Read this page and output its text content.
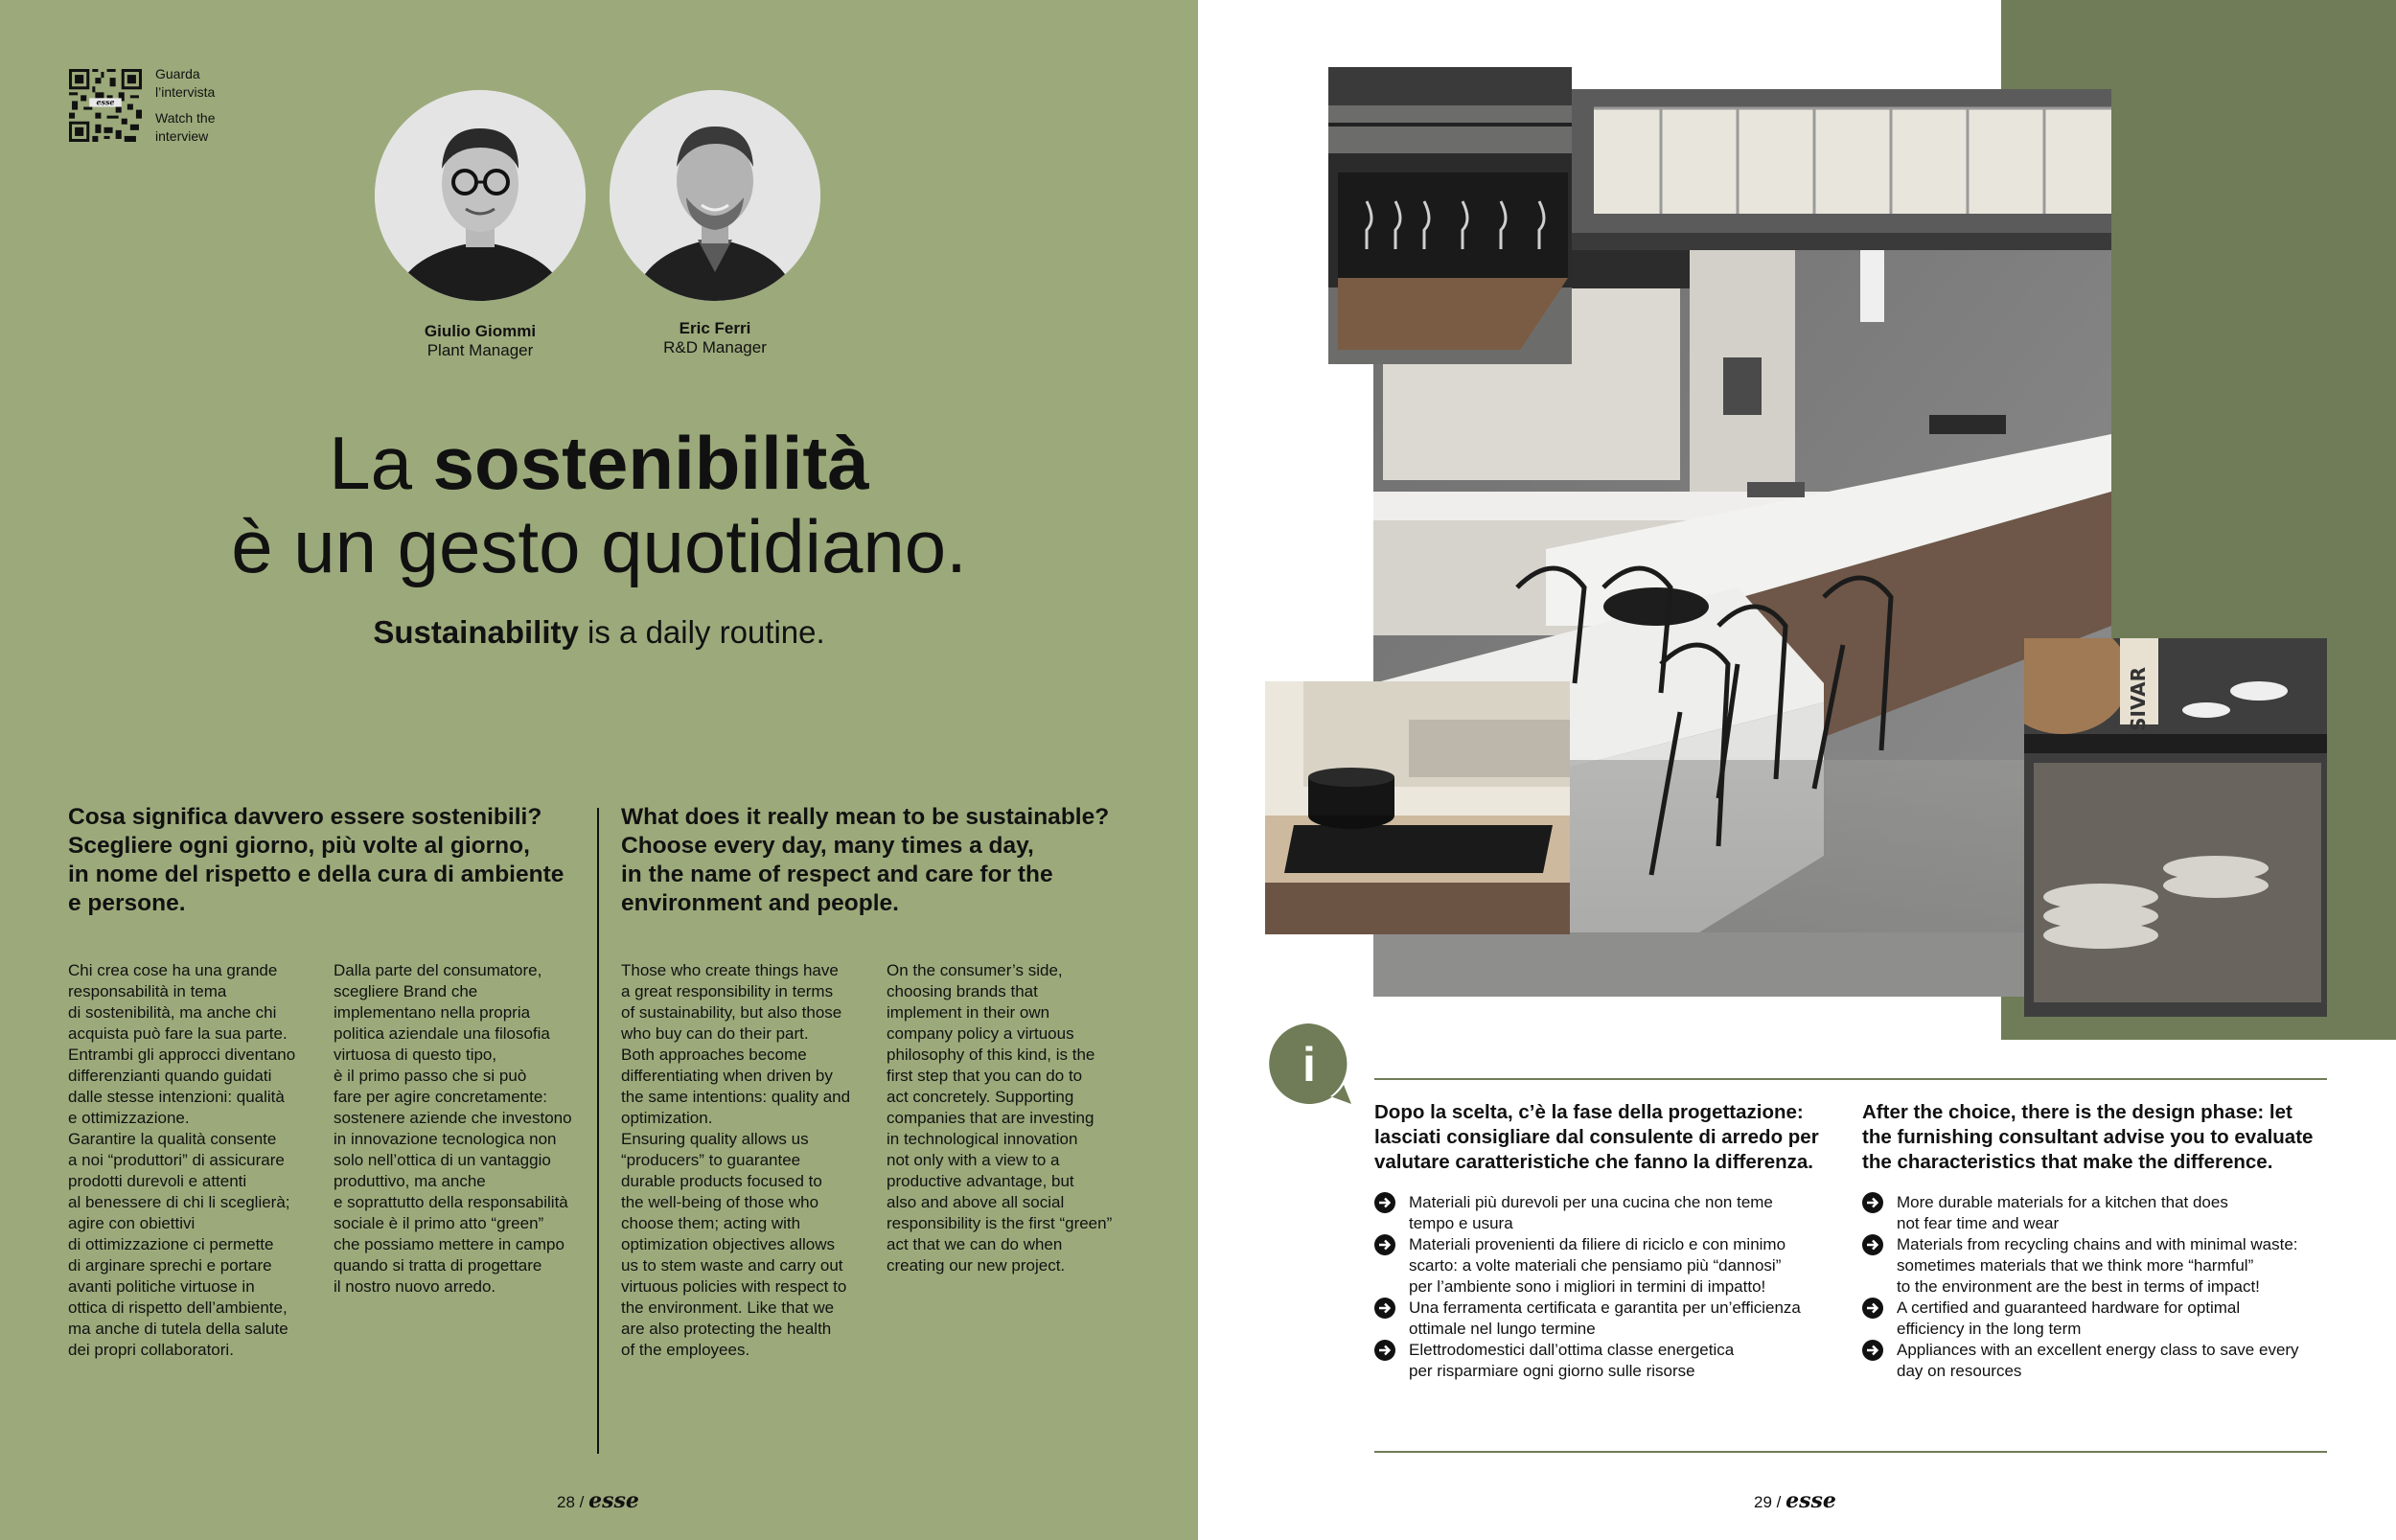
esse
Guarda
l’intervista
Watch the
interview
Giulio Giommi
Plant Manager
Eric Ferri
R&D Manager
La sostenibilità
è un gesto quotidiano.
Sustainability is a daily routine.
Cosa significa davvero essere sostenibili?
Scegliere ogni giorno, più volte al giorno,
in nome del rispetto e della cura di ambiente
e persone.
What does it really mean to be sustainable?
Choose every day, many times a day,
in the name of respect and care for the
environment and people.
Chi crea cose ha una grande
responsabilità in tema
di sostenibilità, ma anche chi
acquista può fare la sua parte.
Entrambi gli approcci diventano
differenzianti quando guidati
dalle stesse intenzioni: qualità
e ottimizzazione.
Garantire la qualità consente
a noi “produttori” di assicurare
prodotti durevoli e attenti
al benessere di chi li sceglierà;
agire con obiettivi
di ottimizzazione ci permette
di arginare sprechi e portare
avanti politiche virtuose in
ottica di rispetto dell’ambiente,
ma anche di tutela della salute
dei propri collaboratori.
Dalla parte del consumatore,
scegliere Brand che
implementano nella propria
politica aziendale una filosofia
virtuosa di questo tipo,
è il primo passo che si può
fare per agire concretamente:
sostenere aziende che investono
in innovazione tecnologica non
solo nell’ottica di un vantaggio
produttivo, ma anche
e soprattutto della responsabilità
sociale è il primo atto “green”
che possiamo mettere in campo
quando si tratta di progettare
il nostro nuovo arredo.
Those who create things have
a great responsibility in terms
of sustainability, but also those
who buy can do their part.
Both approaches become
differentiating when driven by
the same intentions: quality and
optimization.
Ensuring quality allows us
“producers” to guarantee
durable products focused to
the well-being of those who
choose them; acting with
optimization objectives allows
us to stem waste and carry out
virtuous policies with respect to
the environment. Like that we
are also protecting the health
of the employees.
On the consumer’s side,
choosing brands that
implement in their own
company policy a virtuous
philosophy of this kind, is the
first step that you can do to
act concretely. Supporting
companies that are investing
in technological innovation
not only with a view to a
productive advantage, but
also and above all social
responsibility is the first “green”
act that we can do when
creating our new project.
28 / esse
SIVAR
i
Dopo la scelta, c’è la fase della progettazione:
lasciati consigliare dal consulente di arredo per
valutare caratteristiche che fanno la differenza.
After the choice, there is the design phase: let
the furnishing consultant advise you to evaluate
the characteristics that make the difference.
Materiali più durevoli per una cucina che non teme
tempo e usura
Materiali provenienti da filiere di riciclo e con minimo
scarto: a volte materiali che pensiamo più “dannosi”
per l’ambiente sono i migliori in termini di impatto!
Una ferramenta certificata e garantita per un’efficienza
ottimale nel lungo termine
Elettrodomestici dall’ottima classe energetica
per risparmiare ogni giorno sulle risorse
More durable materials for a kitchen that does
not fear time and wear
Materials from recycling chains and with minimal waste:
sometimes materials that we think more “harmful”
to the environment are the best in terms of impact!
A certified and guaranteed hardware for optimal
efficiency in the long term
Appliances with an excellent energy class to save every
day on resources
29 / esse
